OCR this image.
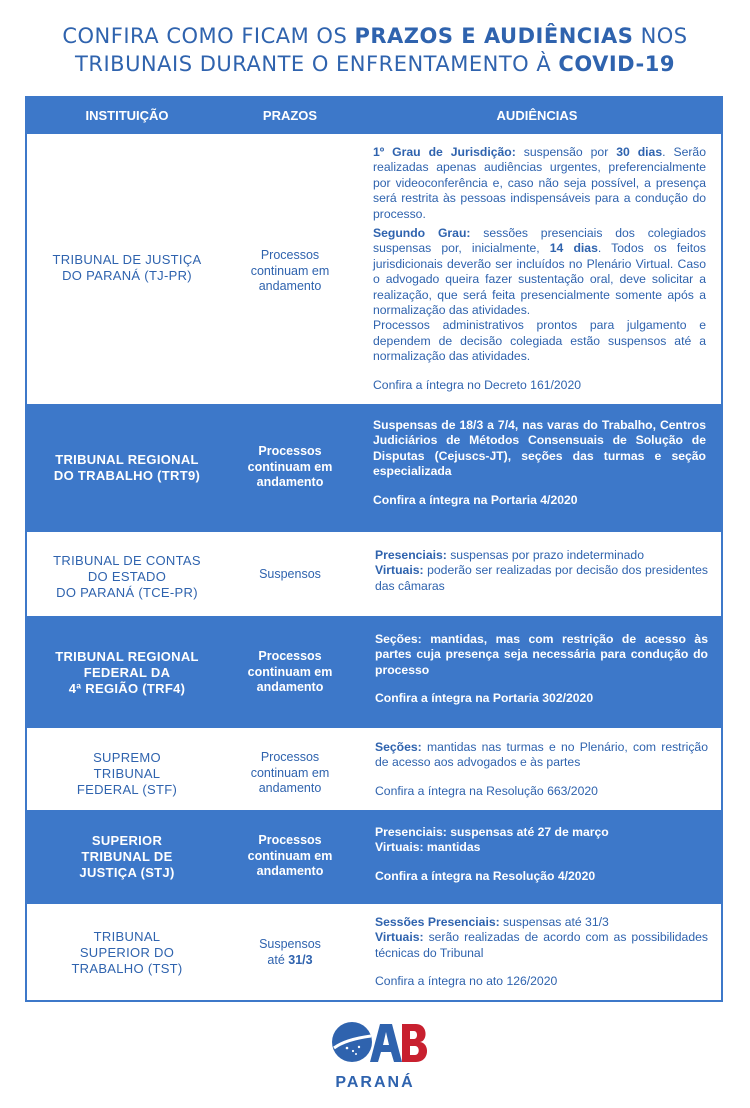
CONFIRA COMO FICAM OS PRAZOS E AUDIÊNCIAS NOS
TRIBUNAIS DURANTE O ENFRENTAMENTO À COVID-19
INSTITUIÇÃO	PRAZOS	AUDIÊNCIAS
TRIBUNAL DE JUSTIÇA
DO PARANÁ (TJ-PR)
Processos
continuam em
andamento

1º Grau de Jurisdição: suspensão por 30 dias. Serão realizadas apenas audiências urgentes, preferencialmente por videoconferência e, caso não seja possível, a presença será restrita às pessoas indispensáveis para a condução do processo.

Segundo Grau: sessões presenciais dos colegiados suspensas por, inicialmente, 14 dias. Todos os feitos jurisdicionais deverão ser incluídos no Plenário Virtual. Caso o advogado queira fazer sustentação oral, deve solicitar a realização, que será feita presencialmente somente após a normalização das atividades.

Processos administrativos prontos para julgamento e dependem de decisão colegiada estão suspensos até a normalização das atividades.

Confira a íntegra no Decreto 161/2020

TRIBUNAL REGIONAL
DO TRABALHO (TRT9)
Processos
continuam em
andamento

Suspensas de 18/3 a 7/4, nas varas do Trabalho, Centros Judiciários de Métodos Consensuais de Solução de Disputas (Cejuscs-JT), seções das turmas e seção especializada

Confira a íntegra na Portaria 4/2020

TRIBUNAL DE CONTAS
DO ESTADO
DO PARANÁ (TCE-PR)
Suspensos

Presenciais: suspensas por prazo indeterminado

Virtuais: poderão ser realizadas por decisão dos presidentes das câmaras

TRIBUNAL REGIONAL
FEDERAL DA
4ª REGIÃO (TRF4)
Processos
continuam em
andamento

Seções: mantidas, mas com restrição de acesso às partes cuja presença seja necessária para condução do processo

Confira a íntegra na Portaria 302/2020

SUPREMO
TRIBUNAL
FEDERAL (STF)
Processos
continuam em
andamento

Seções: mantidas nas turmas e no Plenário, com restrição de acesso aos advogados e às partes

Confira a íntegra na Resolução 663/2020

SUPERIOR
TRIBUNAL DE
JUSTIÇA (STJ)
Processos
continuam em
andamento

Presenciais: suspensas até 27 de março

Virtuais: mantidas

Confira a íntegra na Resolução 4/2020

TRIBUNAL
SUPERIOR DO
TRABALHO (TST)
Suspensos
até 31/3

Sessões Presenciais: suspensas até 31/3

Virtuais: serão realizadas de acordo com as possibilidades técnicas do Tribunal

Confira a íntegra no ato 126/2020

PARANÁ
